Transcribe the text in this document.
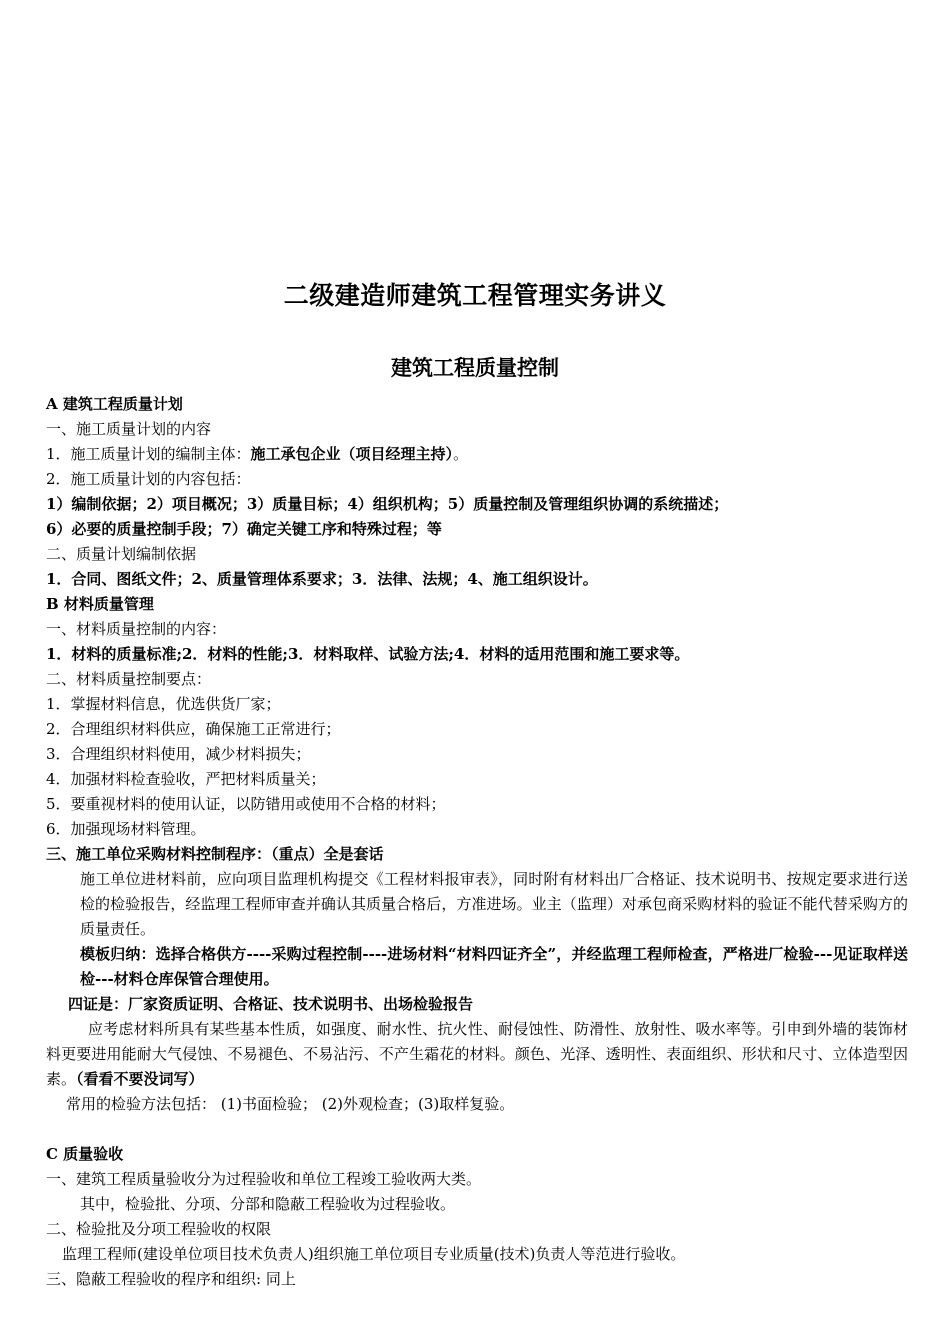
二级建造师建筑工程管理实务讲义
建筑工程质量控制
A 建筑工程质量计划
一、施工质量计划的内容
1．施工质量计划的编制主体：施工承包企业（项目经理主持）。
2．施工质量计划的内容包括：
1）编制依据；2）项目概况；3）质量目标；4）组织机构；5）质量控制及管理组织协调的系统描述；
6）必要的质量控制手段；7）确定关键工序和特殊过程；等
二、质量计划编制依据
1．合同、图纸文件；2、质量管理体系要求；3．法律、法规；4、施工组织设计。
B 材料质量管理
一、材料质量控制的内容：
1．材料的质量标准;2．材料的性能;3．材料取样、试验方法;4．材料的适用范围和施工要求等。
二、材料质量控制要点：
1．掌握材料信息，优选供货厂家；
2．合理组织材料供应，确保施工正常进行；
3．合理组织材料使用，减少材料损失；
4．加强材料检查验收，严把材料质量关；
5．要重视材料的使用认证，以防错用或使用不合格的材料；
6．加强现场材料管理。
三、施工单位采购材料控制程序：（重点）全是套话
施工单位进材料前，应向项目监理机构提交《工程材料报审表》，同时附有材料出厂合格证、技术说明书、按规定要求进行送检的检验报告，经监理工程师审查并确认其质量合格后，方准进场。业主（监理）对承包商采购材料的验证不能代替采购方的质量责任。
模板归纳：选择合格供方----采购过程控制----进场材料“材料四证齐全”，并经监理工程师检查，严格进厂检验---见证取样送检---材料仓库保管合理使用。
四证是：厂家资质证明、合格证、技术说明书、出场检验报告
应考虑材料所具有某些基本性质，如强度、耐水性、抗火性、耐侵蚀性、防滑性、放射性、吸水率等。引申到外墙的装饰材料更要进用能耐大气侵蚀、不易褪色、不易沾污、不产生霜花的材料。颜色、光泽、透明性、表面组织、形状和尺寸、立体造型因素。（看看不要没词写）
常用的检验方法包括： (1)书面检验； (2)外观检查；(3)取样复验。
C 质量验收
一、建筑工程质量验收分为过程验收和单位工程竣工验收两大类。
其中，检验批、分项、分部和隐蔽工程验收为过程验收。
二、检验批及分项工程验收的权限
监理工程师(建设单位项目技术负责人)组织施工单位项目专业质量(技术)负责人等范进行验收。
三、隐蔽工程验收的程序和组织: 同上
